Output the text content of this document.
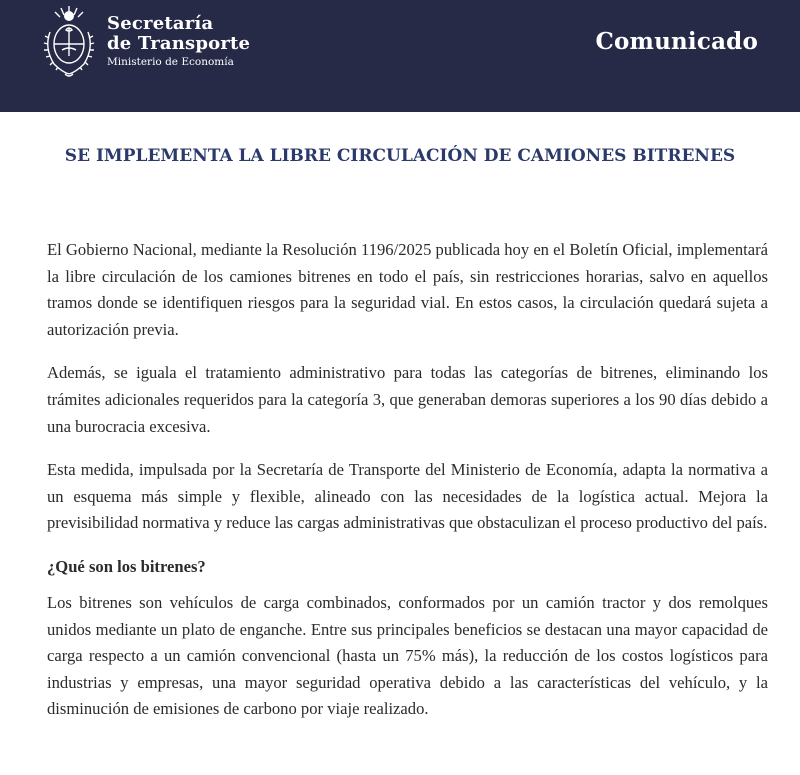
Secretaría
de Transporte
Ministerio de Economía
Comunicado
SE IMPLEMENTA LA LIBRE CIRCULACIÓN DE CAMIONES BITRENES

El Gobierno Nacional, mediante la Resolución 1196/2025 publicada hoy en el Boletín Oficial, implementará la libre circulación de los camiones bitrenes en todo el país, sin restricciones horarias, salvo en aquellos tramos donde se identifiquen riesgos para la seguridad vial. En estos casos, la circulación quedará sujeta a autorización previa.

Además, se iguala el tratamiento administrativo para todas las categorías de bitrenes, eliminando los trámites adicionales requeridos para la categoría 3, que generaban demoras superiores a los 90 días debido a una burocracia excesiva.

Esta medida, impulsada por la Secretaría de Transporte del Ministerio de Economía, adapta la normativa a un esquema más simple y flexible, alineado con las necesidades de la logística actual. Mejora la previsibilidad normativa y reduce las cargas administrativas que obstaculizan el proceso productivo del país.

¿Qué son los bitrenes?

Los bitrenes son vehículos de carga combinados, conformados por un camión tractor y dos remolques unidos mediante un plato de enganche. Entre sus principales beneficios se destacan una mayor capacidad de carga respecto a un camión convencional (hasta un 75% más), la reducción de los costos logísticos para industrias y empresas, una mayor seguridad operativa debido a las características del vehículo, y la disminución de emisiones de carbono por viaje realizado.
